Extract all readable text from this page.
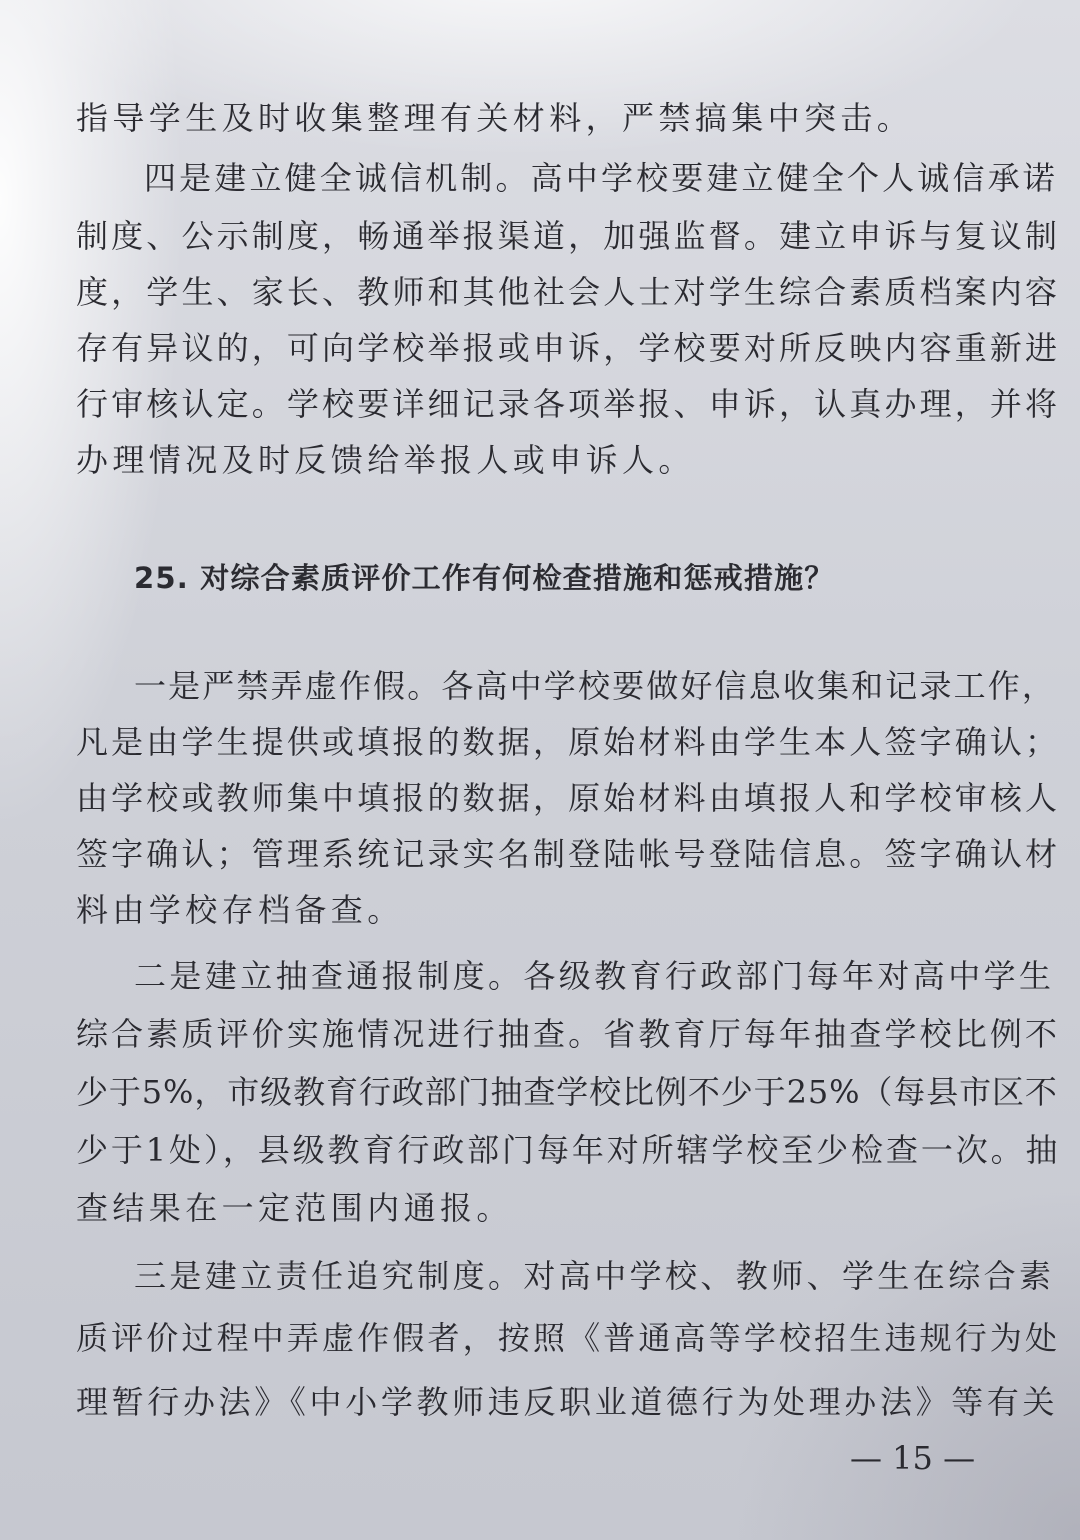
指导学生及时收集整理有关材料，严禁搞集中突击。

四是建立健全诚信机制。高中学校要建立健全个人诚信承诺

制度、公示制度，畅通举报渠道，加强监督。建立申诉与复议制

度，学生、家长、教师和其他社会人士对学生综合素质档案内容

存有异议的，可向学校举报或申诉，学校要对所反映内容重新进

行审核认定。学校要详细记录各项举报、申诉，认真办理，并将

办理情况及时反馈给举报人或申诉人。

25. 对综合素质评价工作有何检查措施和惩戒措施？

一是严禁弄虚作假。各高中学校要做好信息收集和记录工作，

凡是由学生提供或填报的数据，原始材料由学生本人签字确认；

由学校或教师集中填报的数据，原始材料由填报人和学校审核人

签字确认；管理系统记录实名制登陆帐号登陆信息。签字确认材

料由学校存档备查。

二是建立抽查通报制度。各级教育行政部门每年对高中学生

综合素质评价实施情况进行抽查。省教育厅每年抽查学校比例不

少于5%，市级教育行政部门抽查学校比例不少于25%（每县市区不

少于1处），县级教育行政部门每年对所辖学校至少检查一次。抽

查结果在一定范围内通报。

三是建立责任追究制度。对高中学校、教师、学生在综合素

质评价过程中弄虚作假者，按照《普通高等学校招生违规行为处

理暂行办法》《中小学教师违反职业道德行为处理办法》等有关

— 15 —
